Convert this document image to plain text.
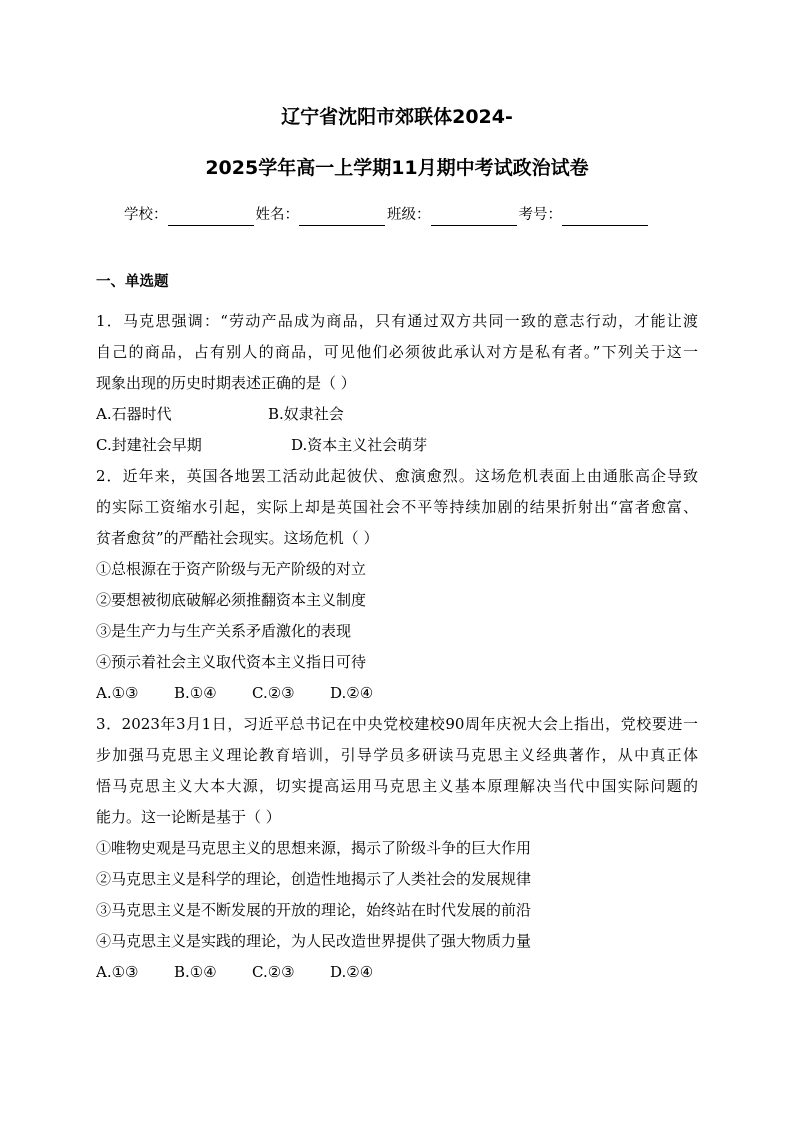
辽宁省沈阳市郊联体2024-
2025学年高一上学期11月期中考试政治试卷
学校：	姓名：	班级：	考号：
一、单选题
1．马克思强调：“劳动产品成为商品，只有通过双方共同一致的意志行动，才能让渡
自己的商品，占有别人的商品，可见他们必须彼此承认对方是私有者。”下列关于这一
现象出现的历史时期表述正确的是（ ）
A.石器时代	B.奴隶社会
C.封建社会早期	D.资本主义社会萌芽
2．近年来，英国各地罢工活动此起彼伏、愈演愈烈。这场危机表面上由通胀高企导致
的实际工资缩水引起，实际上却是英国社会不平等持续加剧的结果折射出“富者愈富、
贫者愈贫”的严酷社会现实。这场危机（ ）
①总根源在于资产阶级与无产阶级的对立
②要想被彻底破解必须推翻资本主义制度
③是生产力与生产关系矛盾激化的表现
④预示着社会主义取代资本主义指日可待
A.①③ B.①④ C.②③ D.②④
3．2023年3月1日，习近平总书记在中央党校建校90周年庆祝大会上指出，党校要进一
步加强马克思主义理论教育培训，引导学员多研读马克思主义经典著作，从中真正体
悟马克思主义大本大源，切实提高运用马克思主义基本原理解决当代中国实际问题的
能力。这一论断是基于（ ）
①唯物史观是马克思主义的思想来源，揭示了阶级斗争的巨大作用
②马克思主义是科学的理论，创造性地揭示了人类社会的发展规律
③马克思主义是不断发展的开放的理论，始终站在时代发展的前沿
④马克思主义是实践的理论，为人民改造世界提供了强大物质力量
A.①③ B.①④ C.②③ D.②④
